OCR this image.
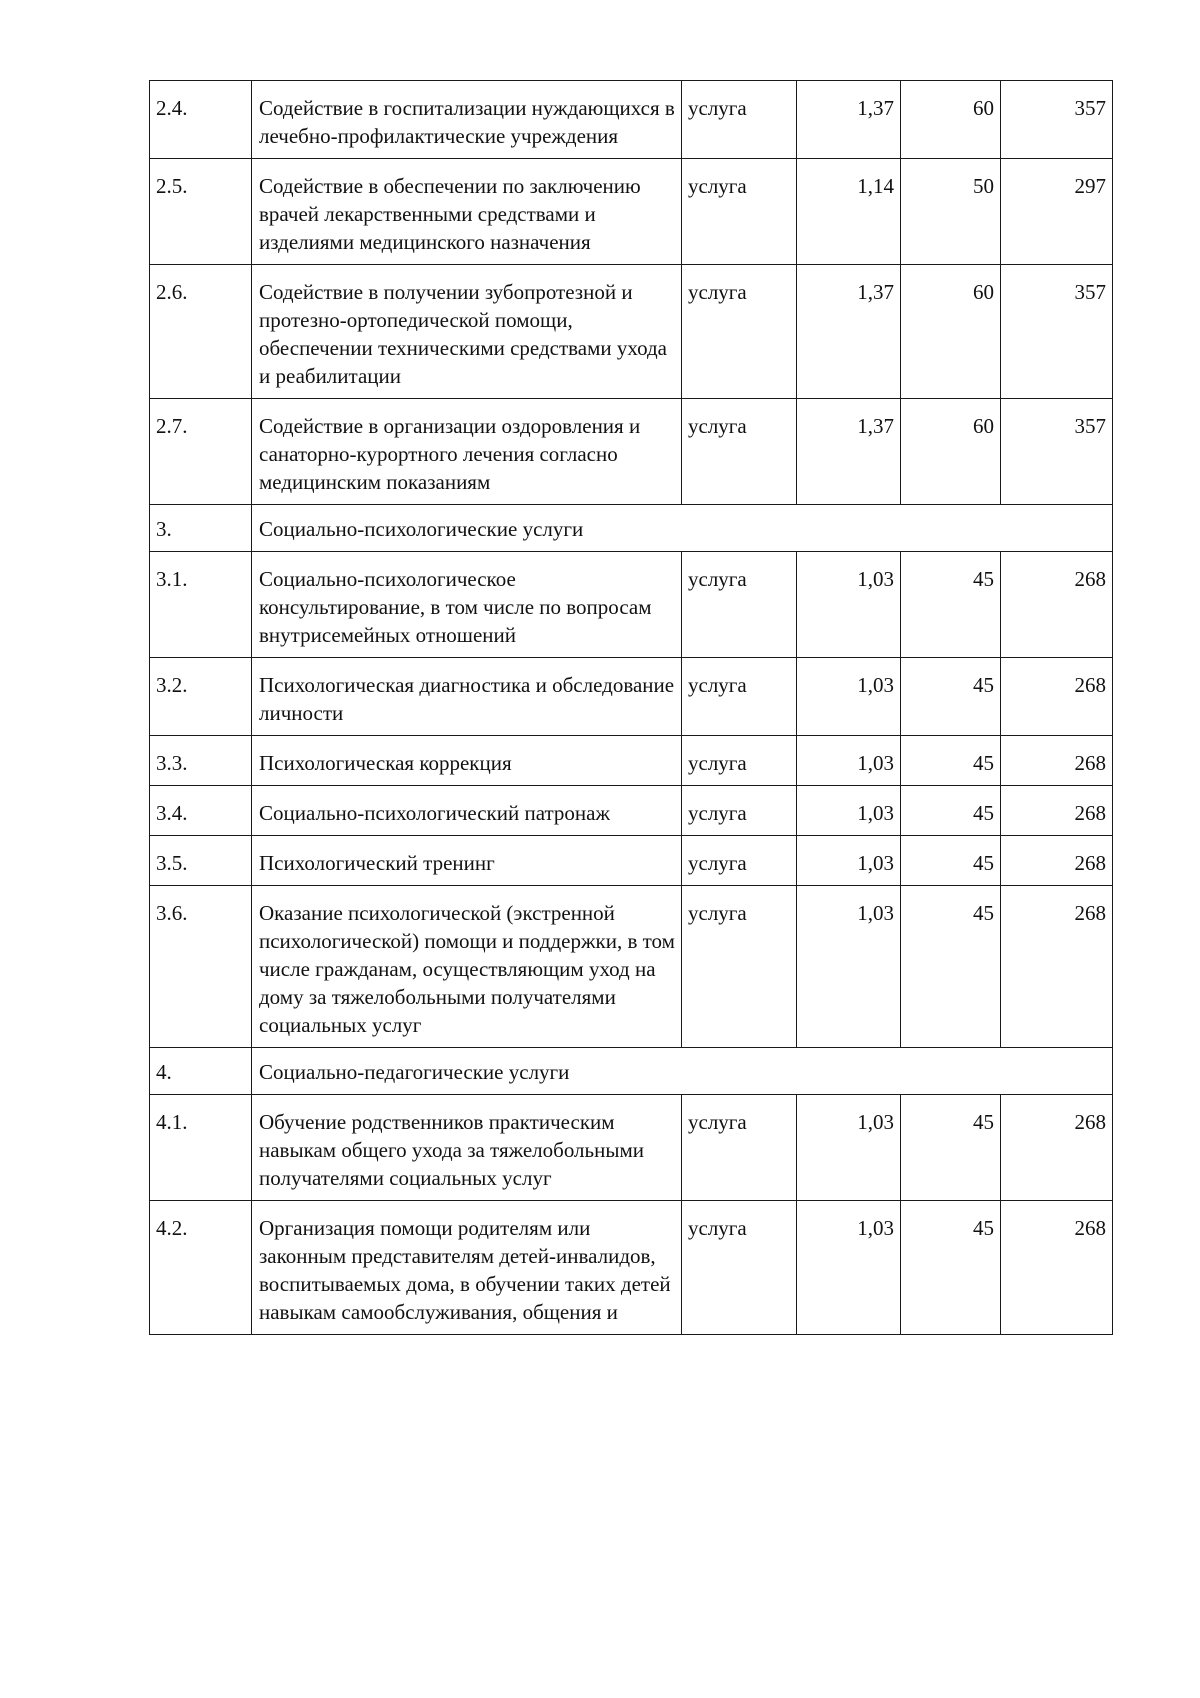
2.4.	Содействие в госпитализации нуждающихся в лечебно-профилактические учреждения	услуга	1,37	60	357
2.5.	Содействие в обеспечении по заключению врачей лекарственными средствами и изделиями медицинского назначения	услуга	1,14	50	297
2.6.	Содействие в получении зубопротезной и протезно-ортопедической помощи, обеспечении техническими средствами ухода и реабилитации	услуга	1,37	60	357
2.7.	Содействие в организации оздоровления и санаторно-курортного лечения согласно медицинским показаниям	услуга	1,37	60	357
3.	Социально-психологические услуги				
3.1.	Социально-психологическое консультирование, в том числе по вопросам внутрисемейных отношений	услуга	1,03	45	268
3.2.	Психологическая диагностика и обследование личности	услуга	1,03	45	268
3.3.	Психологическая коррекция	услуга	1,03	45	268
3.4.	Социально-психологический патронаж	услуга	1,03	45	268
3.5.	Психологический тренинг	услуга	1,03	45	268
3.6.	Оказание психологической (экстренной психологической) помощи и поддержки, в том числе гражданам, осуществляющим уход на дому за тяжелобольными получателями социальных услуг	услуга	1,03	45	268
4.	Социально-педагогические услуги				
4.1.	Обучение родственников практическим навыкам общего ухода за тяжелобольными получателями социальных услуг	услуга	1,03	45	268
4.2.	Организация помощи родителям или законным представителям детей-инвалидов, воспитываемых дома, в обучении таких детей навыкам самообслуживания, общения и	услуга	1,03	45	268
